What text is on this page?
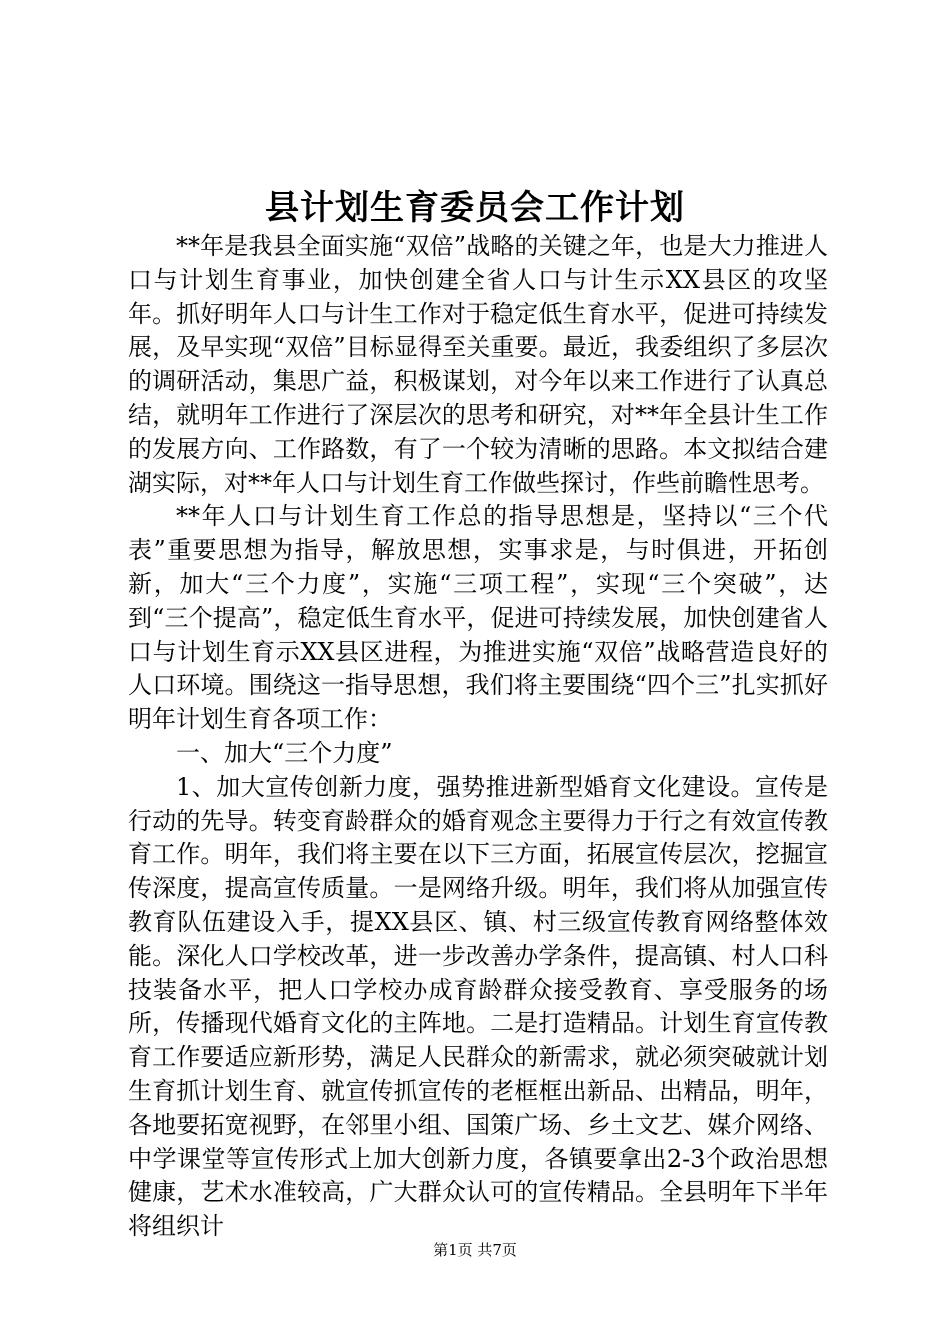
县计划生育委员会工作计划

**年是我县全面实施“双倍”战略的关键之年，也是大力推进人口与计划生育事业，加快创建全省人口与计生示XX县区的攻坚年。抓好明年人口与计生工作对于稳定低生育水平，促进可持续发展，及早实现“双倍”目标显得至关重要。最近，我委组织了多层次的调研活动，集思广益，积极谋划，对今年以来工作进行了认真总结，就明年工作进行了深层次的思考和研究，对**年全县计生工作的发展方向、工作路数，有了一个较为清晰的思路。本文拟结合建湖实际，对**年人口与计划生育工作做些探讨，作些前瞻性思考。

**年人口与计划生育工作总的指导思想是，坚持以“三个代表”重要思想为指导，解放思想，实事求是，与时俱进，开拓创新，加大“三个力度”，实施“三项工程”，实现“三个突破”，达到“三个提高”，稳定低生育水平，促进可持续发展，加快创建省人口与计划生育示XX县区进程，为推进实施“双倍”战略营造良好的人口环境。围绕这一指导思想，我们将主要围绕“四个三”扎实抓好明年计划生育各项工作：

一、加大“三个力度”

1、加大宣传创新力度，强势推进新型婚育文化建设。宣传是行动的先导。转变育龄群众的婚育观念主要得力于行之有效宣传教育工作。明年，我们将主要在以下三方面，拓展宣传层次，挖掘宣传深度，提高宣传质量。一是网络升级。明年，我们将从加强宣传教育队伍建设入手，提XX县区、镇、村三级宣传教育网络整体效能。深化人口学校改革，进一步改善办学条件，提高镇、村人口科技装备水平，把人口学校办成育龄群众接受教育、享受服务的场所，传播现代婚育文化的主阵地。二是打造精品。计划生育宣传教育工作要适应新形势，满足人民群众的新需求，就必须突破就计划生育抓计划生育、就宣传抓宣传的老框框出新品、出精品，明年，各地要拓宽视野，在邻里小组、国策广场、乡土文艺、媒介网络、中学课堂等宣传形式上加大创新力度，各镇要拿出2-3个政治思想健康，艺术水准较高，广大群众认可的宣传精品。全县明年下半年将组织计

第1页 共7页
